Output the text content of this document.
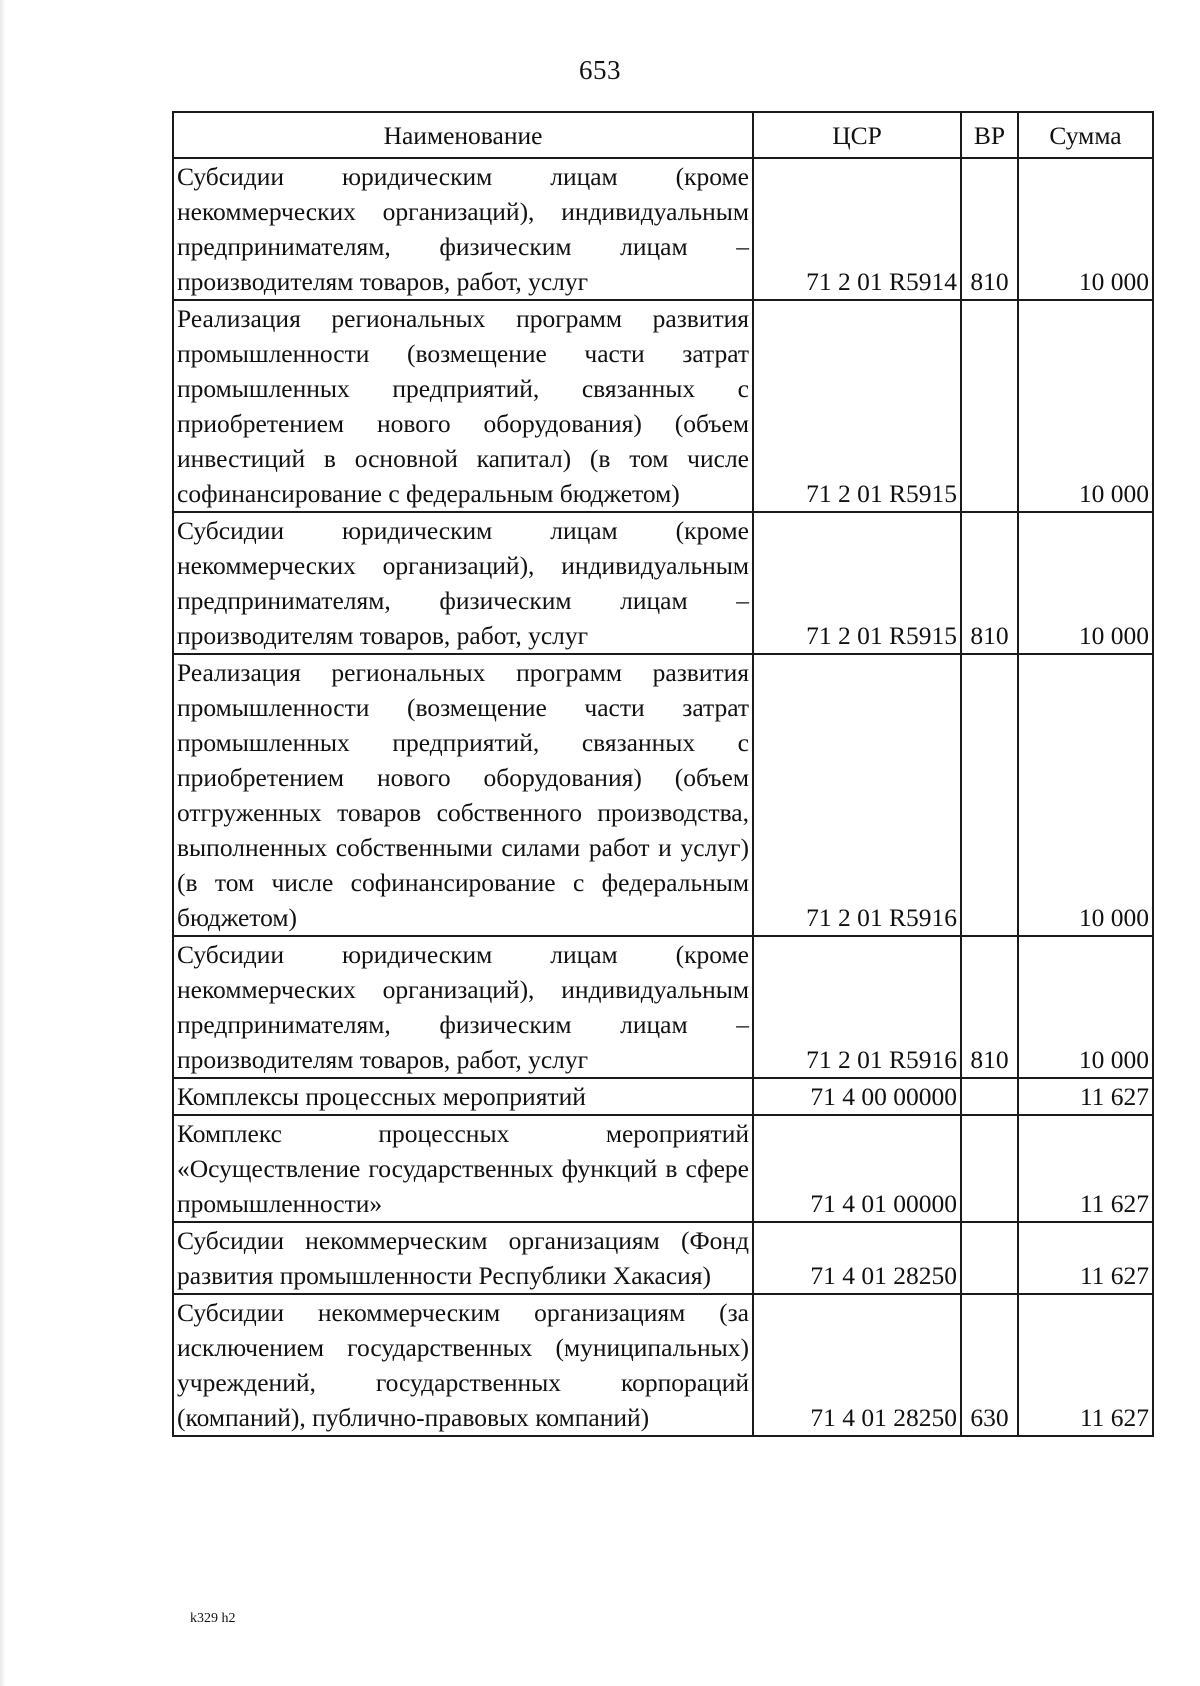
653
Наименование	ЦСР	ВР	Сумма
Субсидии юридическим лицам (кроме некоммерческих организаций), индивидуальным предпринимателям, физическим лицам – производителям товаров, работ, услуг	71 2 01 R5914	810	10 000
Реализация региональных программ развития промышленности (возмещение части затрат промышленных предприятий, связанных с приобретением нового оборудования) (объем инвестиций в основной капитал) (в том числе софинансирование с федеральным бюджетом)	71 2 01 R5915		10 000
Субсидии юридическим лицам (кроме некоммерческих организаций), индивидуальным предпринимателям, физическим лицам – производителям товаров, работ, услуг	71 2 01 R5915	810	10 000
Реализация региональных программ развития промышленности (возмещение части затрат промышленных предприятий, связанных с приобретением нового оборудования) (объем отгруженных товаров собственного производства, выполненных собственными силами работ и услуг) (в том числе софинансирование с федеральным бюджетом)	71 2 01 R5916		10 000
Субсидии юридическим лицам (кроме некоммерческих организаций), индивидуальным предпринимателям, физическим лицам – производителям товаров, работ, услуг	71 2 01 R5916	810	10 000
Комплексы процессных мероприятий	71 4 00 00000		11 627
Комплекс процессных мероприятий «Осуществление государственных функций в сфере промышленности»	71 4 01 00000		11 627
Субсидии некоммерческим организациям (Фонд развития промышленности Республики Хакасия)	71 4 01 28250		11 627
Субсидии некоммерческим организациям (за исключением государственных (муниципальных) учреждений, государственных корпораций (компаний), публично-правовых компаний)	71 4 01 28250	630	11 627
k329 h2
